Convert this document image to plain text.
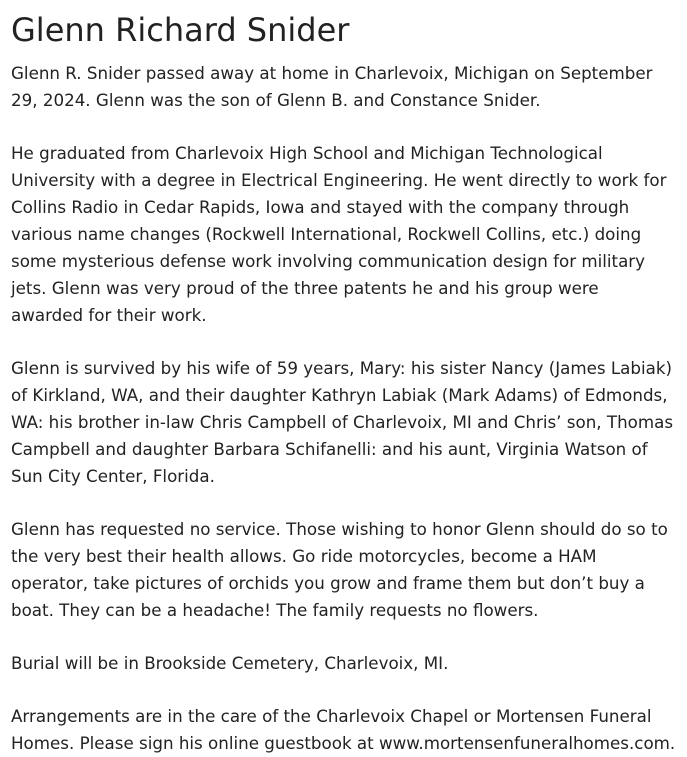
Glenn Richard Snider

Glenn R. Snider passed away at home in Charlevoix, Michigan on September 29, 2024. Glenn was the son of Glenn B. and Constance Snider.

He graduated from Charlevoix High School and Michigan Technological University with a degree in Electrical Engineering. He went directly to work for Collins Radio in Cedar Rapids, Iowa and stayed with the company through various name changes (Rockwell International, Rockwell Collins, etc.) doing some mysterious defense work involving communication design for military jets. Glenn was very proud of the three patents he and his group were awarded for their work.

Glenn is survived by his wife of 59 years, Mary: his sister Nancy (James Labiak) of Kirkland, WA, and their daughter Kathryn Labiak (Mark Adams) of Edmonds, WA: his brother in-law Chris Campbell of Charlevoix, MI and Chris’ son, Thomas Campbell and daughter Barbara Schifanelli: and his aunt, Virginia Watson of Sun City Center, Florida.

Glenn has requested no service. Those wishing to honor Glenn should do so to the very best their health allows. Go ride motorcycles, become a HAM operator, take pictures of orchids you grow and frame them but don’t buy a boat. They can be a headache! The family requests no flowers.

Burial will be in Brookside Cemetery, Charlevoix, MI.

Arrangements are in the care of the Charlevoix Chapel or Mortensen Funeral Homes. Please sign his online guestbook at www.mortensenfuneralhomes.com.
